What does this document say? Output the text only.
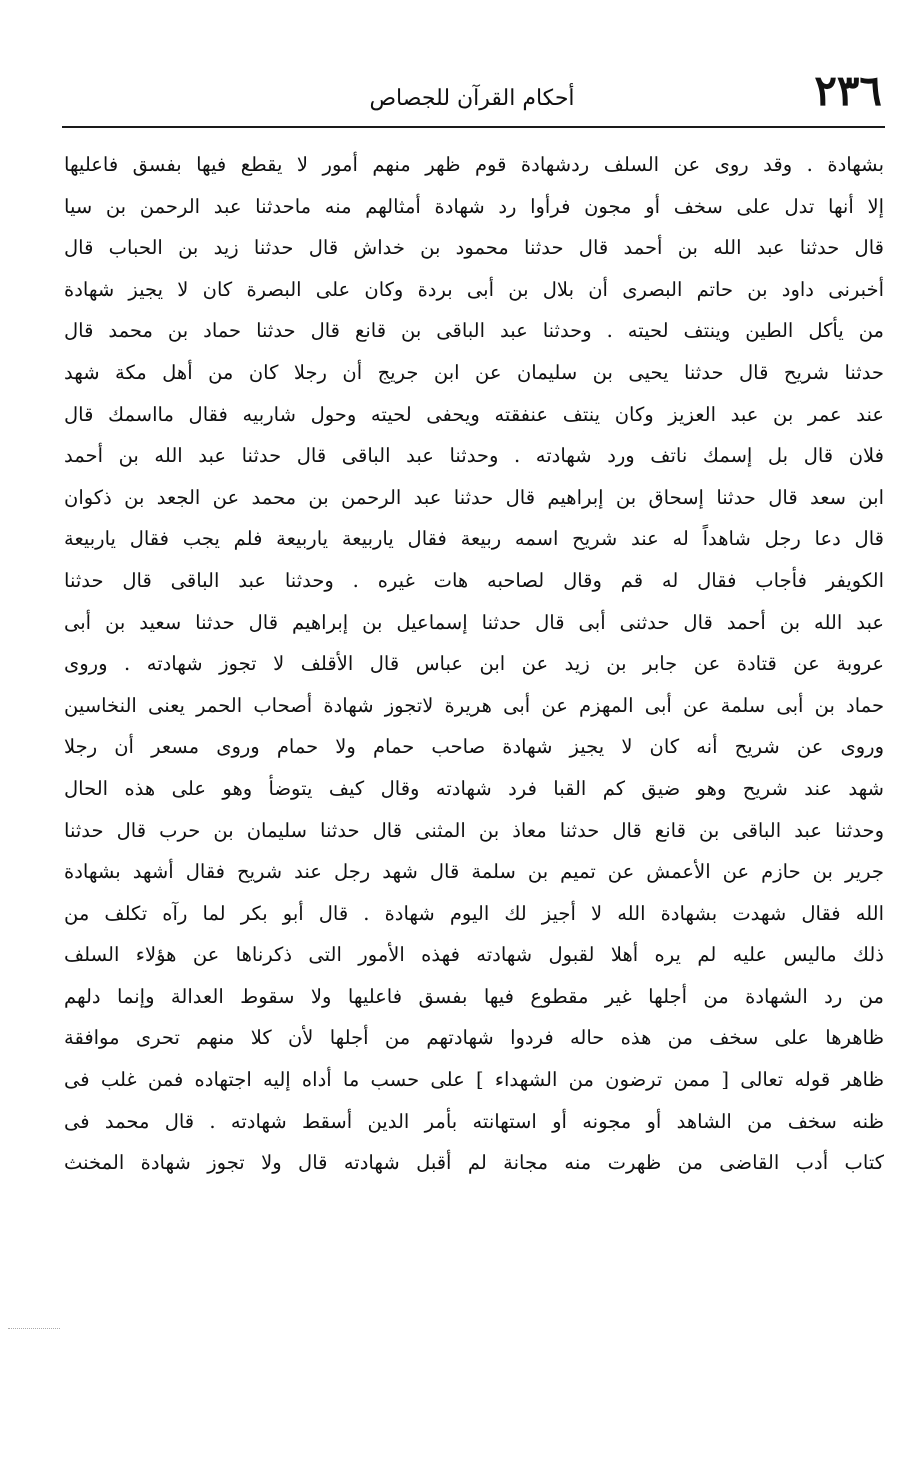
٢٣٦
أحكام القرآن للجصاص
بشهادة . وقد روى عن السلف ردشهادة قوم ظهر منهم أمور لا يقطع فيها بفسق فاعليها
إلا أنها تدل على سخف أو مجون فرأوا رد شهادة أمثالهم منه ماحدثنا عبد الرحمن بن سيا
قال حدثنا عبد الله بن أحمد قال حدثنا محمود بن خداش قال حدثنا زيد بن الحباب قال
أخبرنى داود بن حاتم البصرى أن بلال بن أبى بردة وكان على البصرة كان لا يجيز شهادة
من يأكل الطين وينتف لحيته . وحدثنا عبد الباقى بن قانع قال حدثنا حماد بن محمد قال
حدثنا شريح قال حدثنا يحيى بن سليمان عن ابن جريج أن رجلا كان من أهل مكة شهد
عند عمر بن عبد العزيز وكان ينتف عنفقته ويحفى لحيته وحول شاربيه فقال مااسمك قال
فلان قال بل إسمك ناتف ورد شهادته . وحدثنا عبد الباقى قال حدثنا عبد الله بن أحمد
ابن سعد قال حدثنا إسحاق بن إبراهيم قال حدثنا عبد الرحمن بن محمد عن الجعد بن ذكوان
قال دعا رجل شاهداً له عند شريح اسمه ربيعة فقال ياربيعة ياربيعة فلم يجب فقال ياربيعة
الكويفر فأجاب فقال له قم وقال لصاحبه هات غيره . وحدثنا عبد الباقى قال حدثنا
عبد الله بن أحمد قال حدثنى أبى قال حدثنا إسماعيل بن إبراهيم قال حدثنا سعيد بن أبى
عروبة عن قتادة عن جابر بن زيد عن ابن عباس قال الأقلف لا تجوز شهادته . وروى
حماد بن أبى سلمة عن أبى المهزم عن أبى هريرة لاتجوز شهادة أصحاب الحمر يعنى النخاسين
وروى عن شريح أنه كان لا يجيز شهادة صاحب حمام ولا حمام وروى مسعر أن رجلا
شهد عند شريح وهو ضيق كم القبا فرد شهادته وقال كيف يتوضأ وهو على هذه الحال
وحدثنا عبد الباقى بن قانع قال حدثنا معاذ بن المثنى قال حدثنا سليمان بن حرب قال حدثنا
جرير بن حازم عن الأعمش عن تميم بن سلمة قال شهد رجل عند شريح فقال أشهد بشهادة
الله فقال شهدت بشهادة الله لا أجيز لك اليوم شهادة . قال أبو بكر لما رآه تكلف من
ذلك ماليس عليه لم يره أهلا لقبول شهادته فهذه الأمور التى ذكرناها عن هؤلاء السلف
من رد الشهادة من أجلها غير مقطوع فيها بفسق فاعليها ولا سقوط العدالة وإنما دلهم
ظاهرها على سخف من هذه حاله فردوا شهادتهم من أجلها لأن كلا منهم تحرى موافقة
ظاهر قوله تعالى [ ممن ترضون من الشهداء ] على حسب ما أداه إليه اجتهاده فمن غلب فى
ظنه سخف من الشاهد أو مجونه أو استهانته بأمر الدين أسقط شهادته . قال محمد فى
كتاب أدب القاضى من ظهرت منه مجانة لم أقبل شهادته قال ولا تجوز شهادة المخنث
